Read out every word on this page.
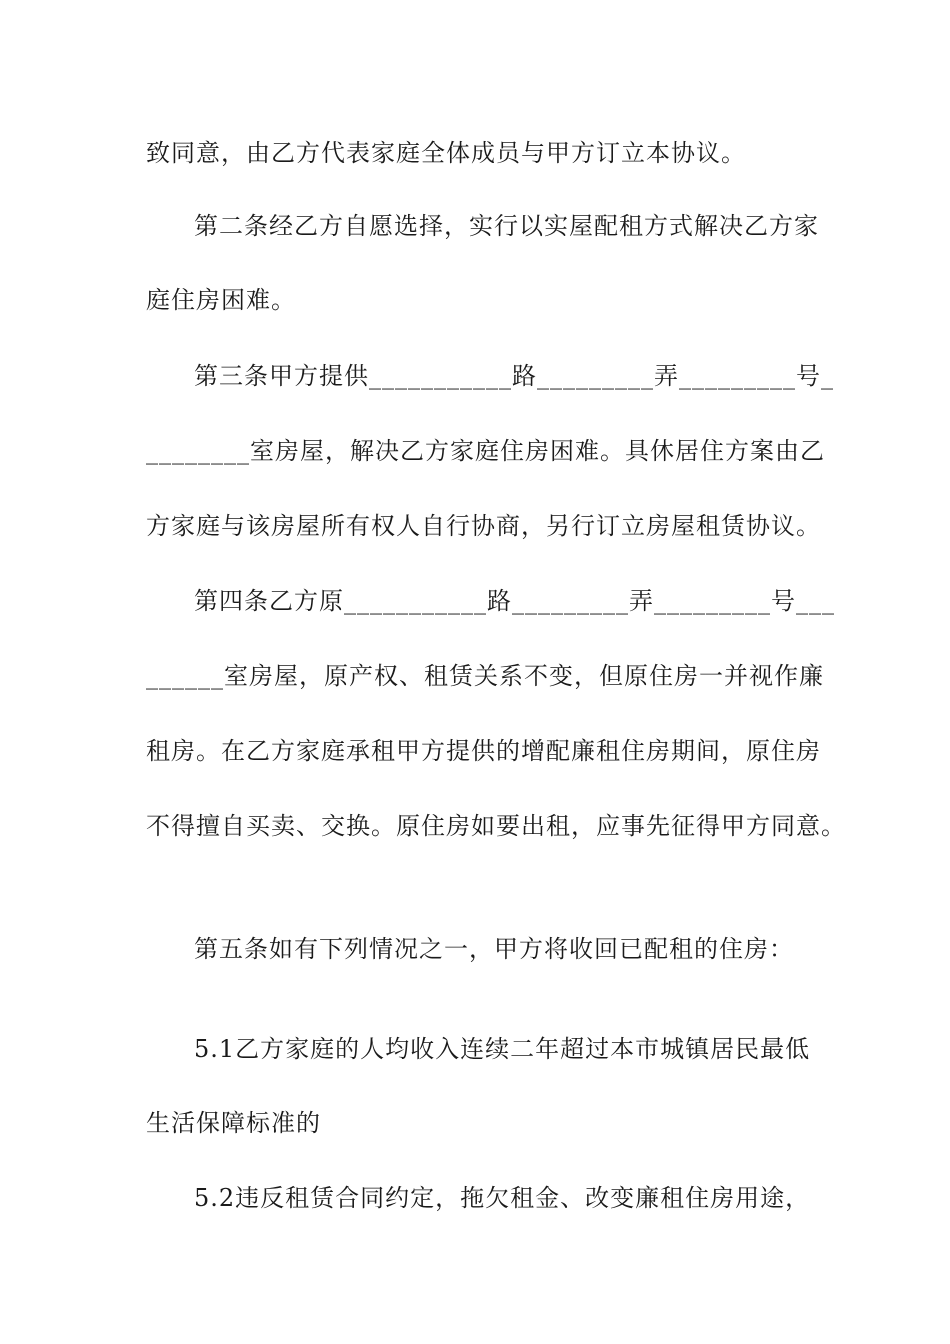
致同意，由乙方代表家庭全体成员与甲方订立本协议。
第二条经乙方自愿选择，实行以实屋配租方式解决乙方家
庭住房困难。
第三条甲方提供___________路_________弄_________号_
________室房屋，解决乙方家庭住房困难。具休居住方案由乙
方家庭与该房屋所有权人自行协商，另行订立房屋租赁协议。
第四条乙方原___________路_________弄_________号___
______室房屋，原产权、租赁关系不变，但原住房一并视作廉
租房。在乙方家庭承租甲方提供的增配廉租住房期间，原住房
不得擅自买卖、交换。原住房如要出租，应事先征得甲方同意。
第五条如有下列情况之一，甲方将收回已配租的住房：
5.1乙方家庭的人均收入连续二年超过本市城镇居民最低
生活保障标准的
5.2违反租赁合同约定，拖欠租金、改变廉租住房用途，
